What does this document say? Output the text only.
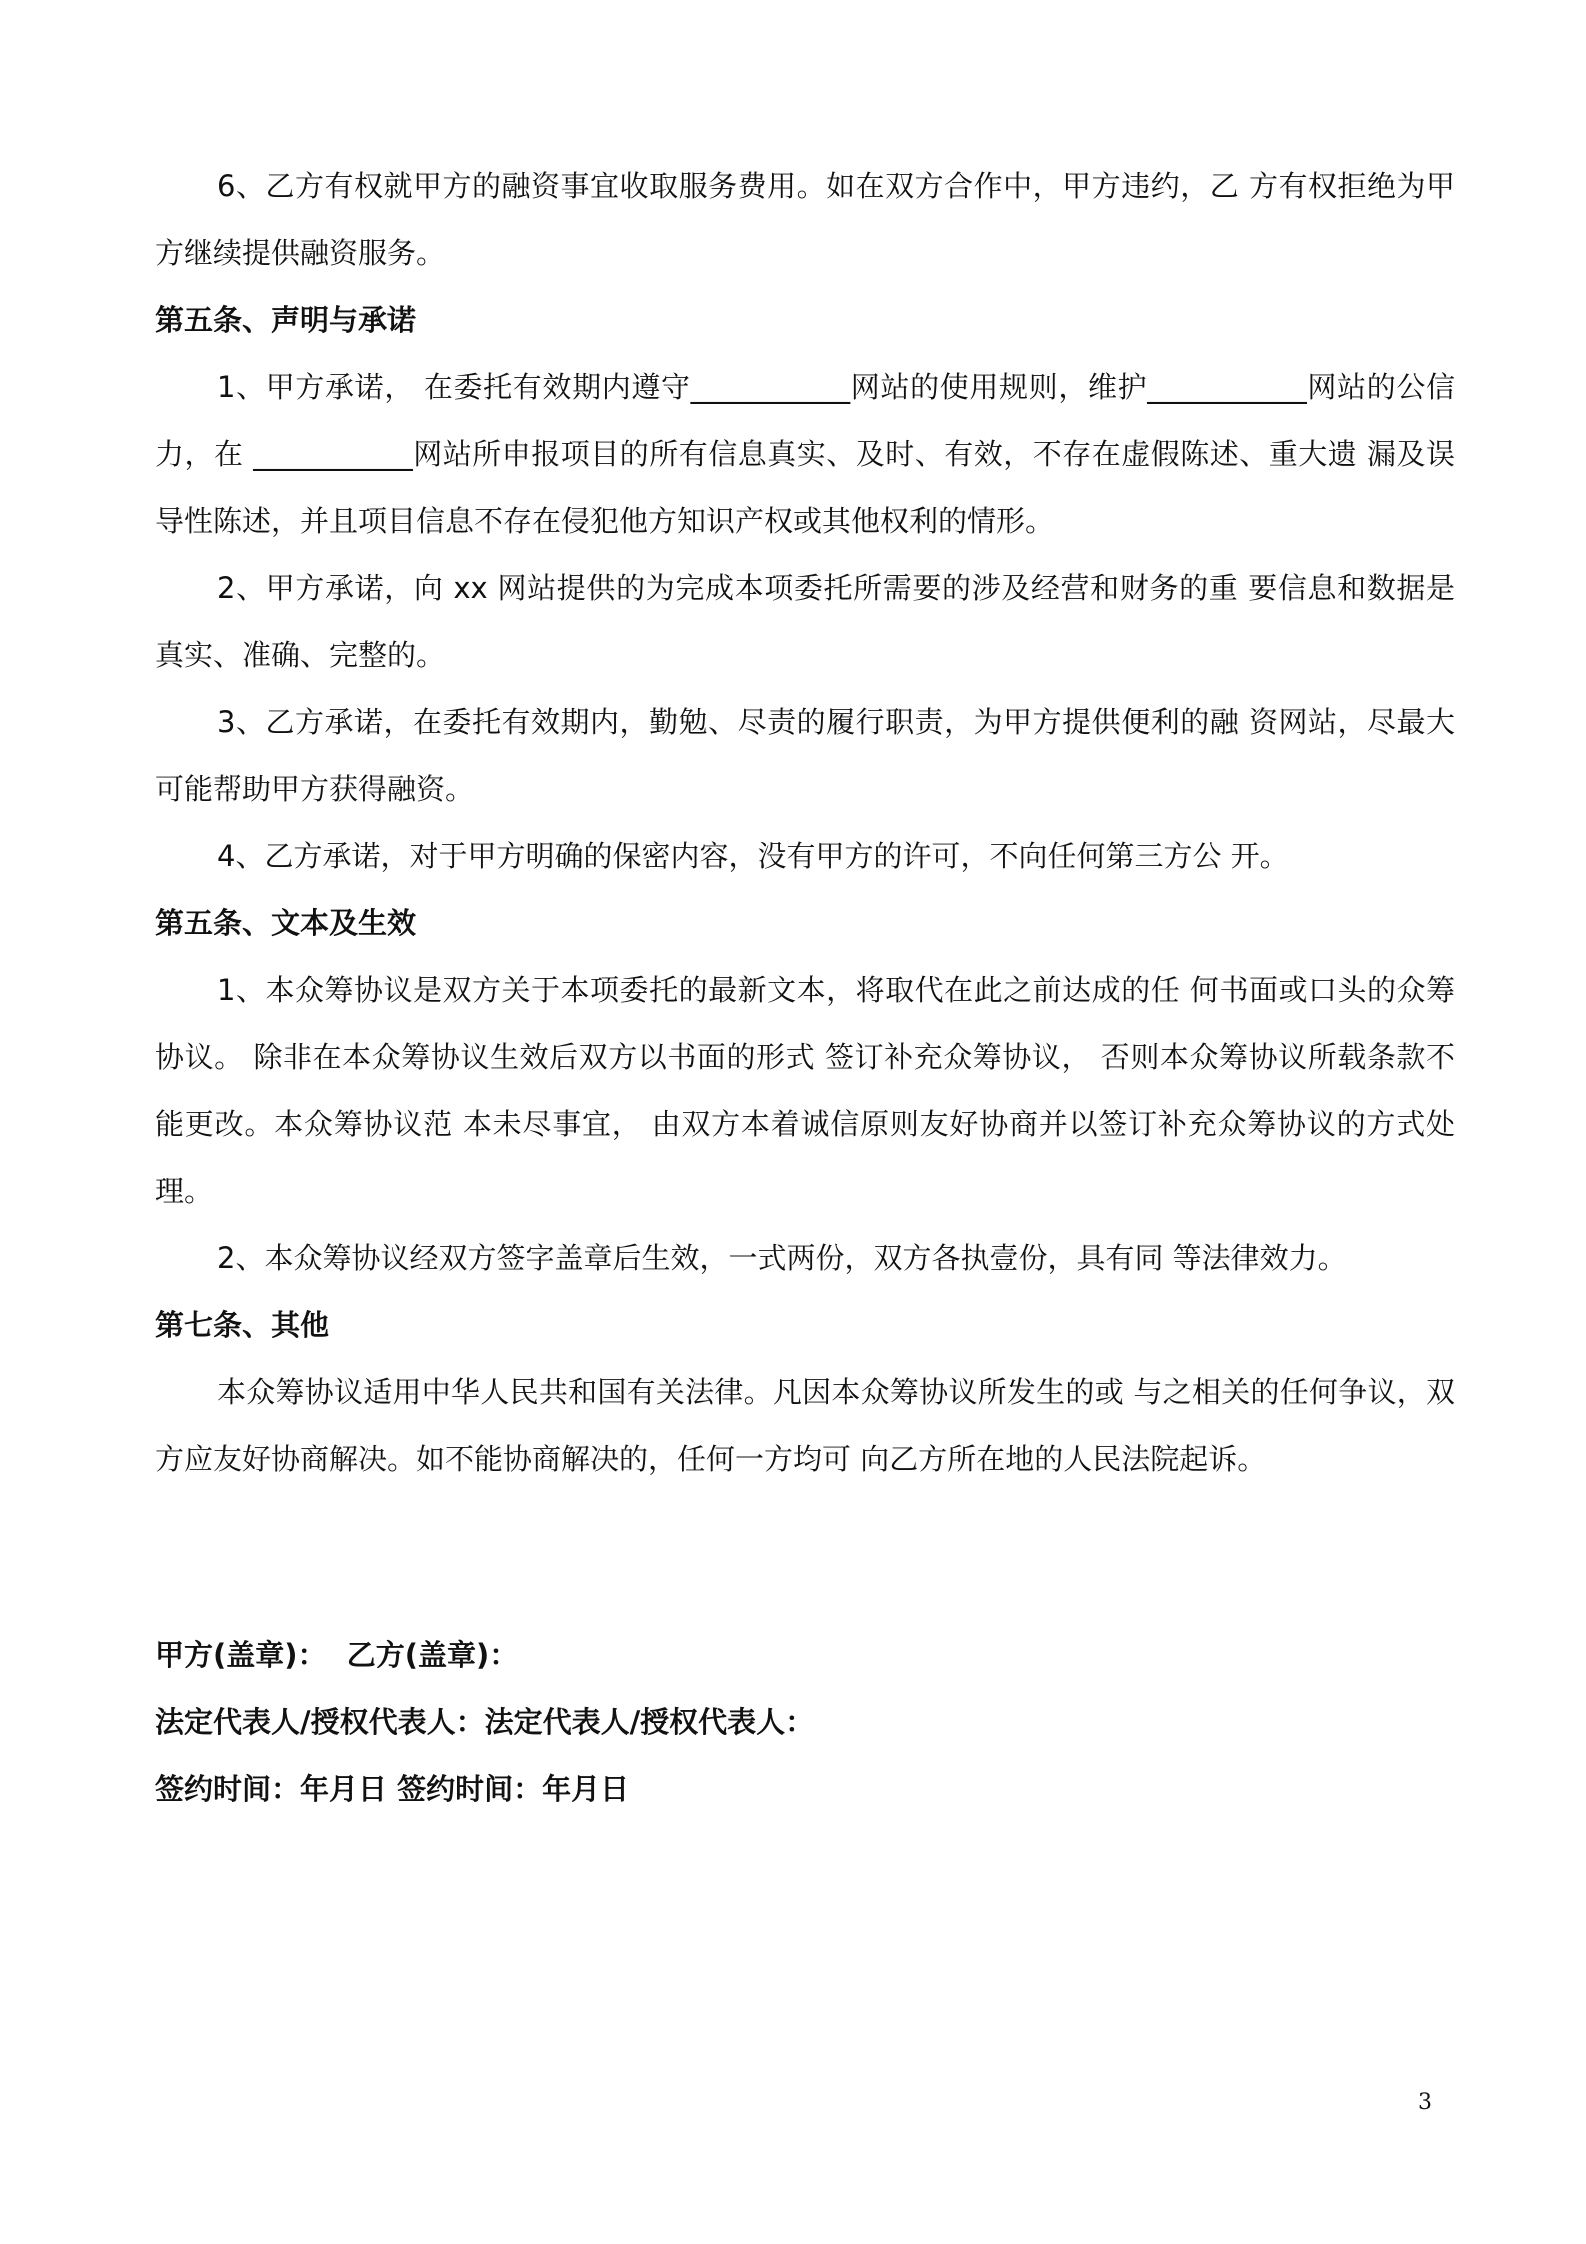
6、乙方有权就甲方的融资事宜收取服务费用。如在双方合作中，甲方违约，乙 方有权拒绝为甲方继续提供融资服务。

第五条、声明与承诺

1、甲方承诺， 在委托有效期内遵守___________网站的使用规则，维护___________网站的公信力，在 ___________网站所申报项目的所有信息真实、及时、有效，不存在虚假陈述、重大遗 漏及误导性陈述，并且项目信息不存在侵犯他方知识产权或其他权利的情形。

2、甲方承诺，向 xx 网站提供的为完成本项委托所需要的涉及经营和财务的重 要信息和数据是真实、准确、完整的。

3、乙方承诺，在委托有效期内，勤勉、尽责的履行职责，为甲方提供便利的融 资网站，尽最大可能帮助甲方获得融资。

4、乙方承诺，对于甲方明确的保密内容，没有甲方的许可，不向任何第三方公 开。

第五条、文本及生效

1、本众筹协议是双方关于本项委托的最新文本，将取代在此之前达成的任 何书面或口头的众筹协议。 除非在本众筹协议生效后双方以书面的形式 签订补充众筹协议， 否则本众筹协议所载条款不能更改。本众筹协议范 本未尽事宜， 由双方本着诚信原则友好协商并以签订补充众筹协议的方式处理。

2、本众筹协议经双方签字盖章后生效，一式两份，双方各执壹份，具有同 等法律效力。

第七条、其他

本众筹协议适用中华人民共和国有关法律。凡因本众筹协议所发生的或 与之相关的任何争议，双方应友好协商解决。如不能协商解决的，任何一方均可 向乙方所在地的人民法院起诉。

甲方(盖章)：  乙方(盖章)：

法定代表人/授权代表人：法定代表人/授权代表人：

签约时间：年月日 签约时间：年月日

3
